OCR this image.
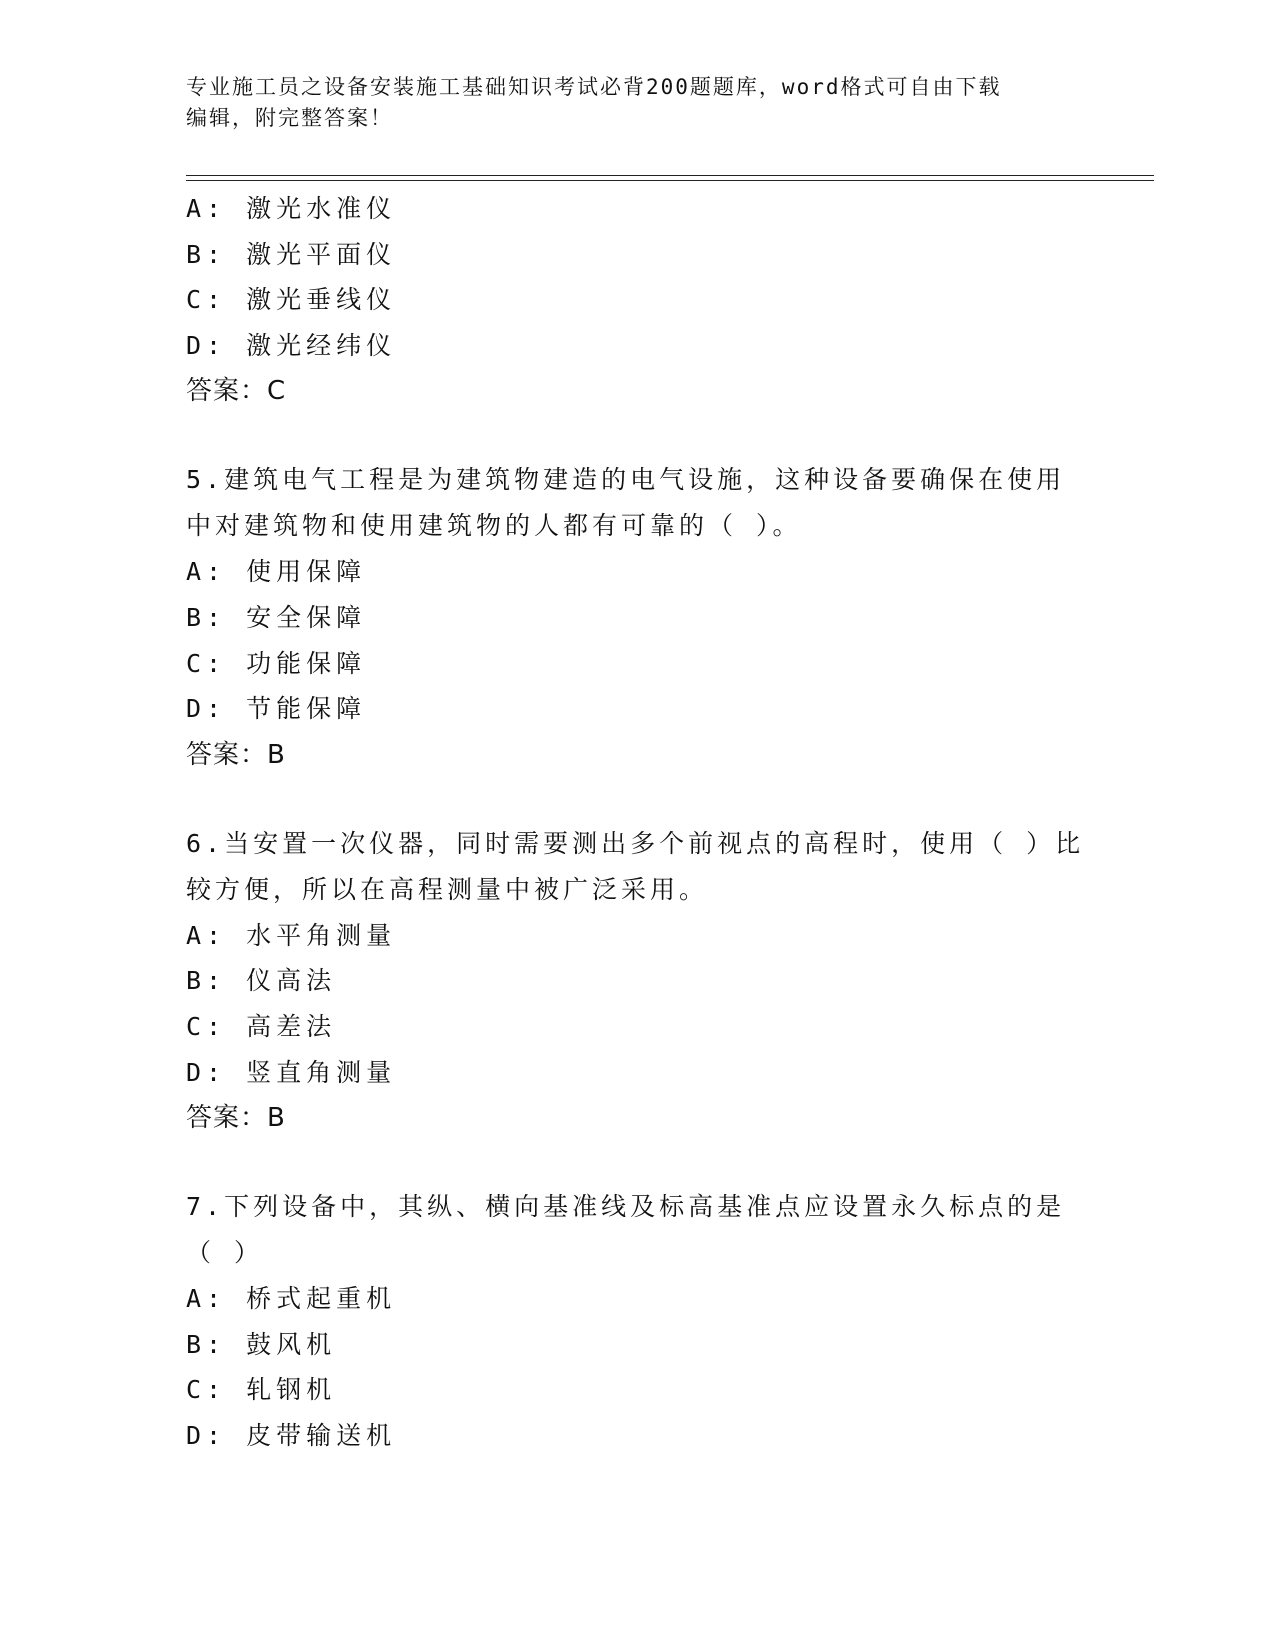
专业施工员之设备安装施工基础知识考试必背200题题库，word格式可自由下载
编辑，附完整答案！

A: 激光水准仪

B: 激光平面仪

C: 激光垂线仪

D: 激光经纬仪

答案：C

5.建筑电气工程是为建筑物建造的电气设施，这种设备要确保在使用

中对建筑物和使用建筑物的人都有可靠的（ ）。

A: 使用保障

B: 安全保障

C: 功能保障

D: 节能保障

答案：B

6.当安置一次仪器，同时需要测出多个前视点的高程时，使用（ ）比

较方便，所以在高程测量中被广泛采用。

A: 水平角测量

B: 仪高法

C: 高差法

D: 竖直角测量

答案：B

7.下列设备中，其纵、横向基准线及标高基准点应设置永久标点的是

（ ）

A: 桥式起重机

B: 鼓风机

C: 轧钢机

D: 皮带输送机
